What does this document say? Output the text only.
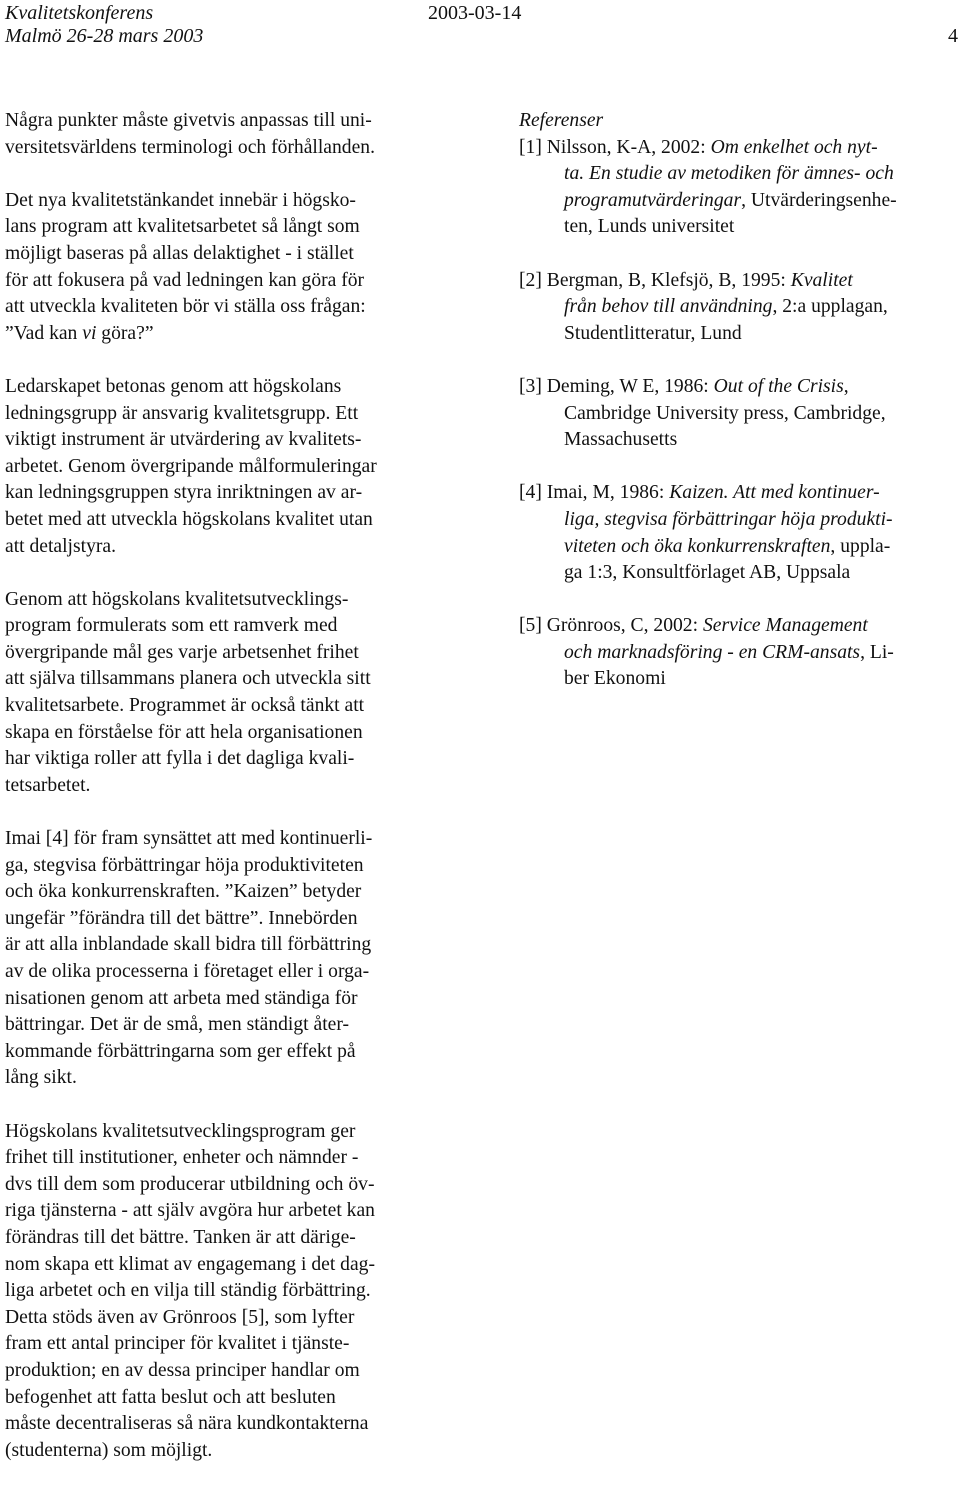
Kvalitetskonferens	2003-03-14
Malmö 26-28 mars 2003	4

Några punkter måste givetvis anpassas till uni-
versitetsvärldens terminologi och förhållanden.

Det nya kvalitetstänkandet innebär i högsko-
lans program att kvalitetsarbetet så långt som
möjligt baseras på allas delaktighet - i stället
för att fokusera på vad ledningen kan göra för
att utveckla kvaliteten bör vi ställa oss frågan:
”Vad kan vi göra?”

Ledarskapet betonas genom att högskolans
ledningsgrupp är ansvarig kvalitetsgrupp. Ett
viktigt instrument är utvärdering av kvalitets-
arbetet. Genom övergripande målformuleringar
kan ledningsgruppen styra inriktningen av ar-
betet med att utveckla högskolans kvalitet utan
att detaljstyra.

Genom att högskolans kvalitetsutvecklings-
program formulerats som ett ramverk med
övergripande mål ges varje arbetsenhet frihet
att själva tillsammans planera och utveckla sitt
kvalitetsarbete. Programmet är också tänkt att
skapa en förståelse för att hela organisationen
har viktiga roller att fylla i det dagliga kvali-
tetsarbetet.

Imai [4] för fram synsättet att med kontinuerli-
ga, stegvisa förbättringar höja produktiviteten
och öka konkurrenskraften. ”Kaizen” betyder
ungefär ”förändra till det bättre”. Innebörden
är att alla inblandade skall bidra till förbättring
av de olika processerna i företaget eller i orga-
nisationen genom att arbeta med ständiga för
bättringar. Det är de små, men ständigt åter-
kommande förbättringarna som ger effekt på
lång sikt.

Högskolans kvalitetsutvecklingsprogram ger
frihet till institutioner, enheter och nämnder -
dvs till dem som producerar utbildning och öv-
riga tjänsterna - att själv avgöra hur arbetet kan
förändras till det bättre. Tanken är att därige-
nom skapa ett klimat av engagemang i det dag-
liga arbetet och en vilja till ständig förbättring.
Detta stöds även av Grönroos [5], som lyfter
fram ett antal principer för kvalitet i tjänste-
produktion; en av dessa principer handlar om
befogenhet att fatta beslut och att besluten
måste decentraliseras så nära kundkontakterna
(studenterna) som möjligt.

Referenser
[1] Nilsson, K-A, 2002: Om enkelhet och nyt-
ta. En studie av metodiken för ämnes- och
programutvärderingar, Utvärderingsenhe-
ten, Lunds universitet
[2] Bergman, B, Klefsjö, B, 1995: Kvalitet
från behov till användning, 2:a upplagan,
Studentlitteratur, Lund
[3] Deming, W E, 1986: Out of the Crisis,
Cambridge University press, Cambridge,
Massachusetts
[4] Imai, M, 1986: Kaizen. Att med kontinuer-
liga, stegvisa förbättringar höja produkti-
viteten och öka konkurrenskraften, uppla-
ga 1:3, Konsultförlaget AB, Uppsala
[5] Grönroos, C, 2002: Service Management
och marknadsföring - en CRM-ansats, Li-
ber Ekonomi
